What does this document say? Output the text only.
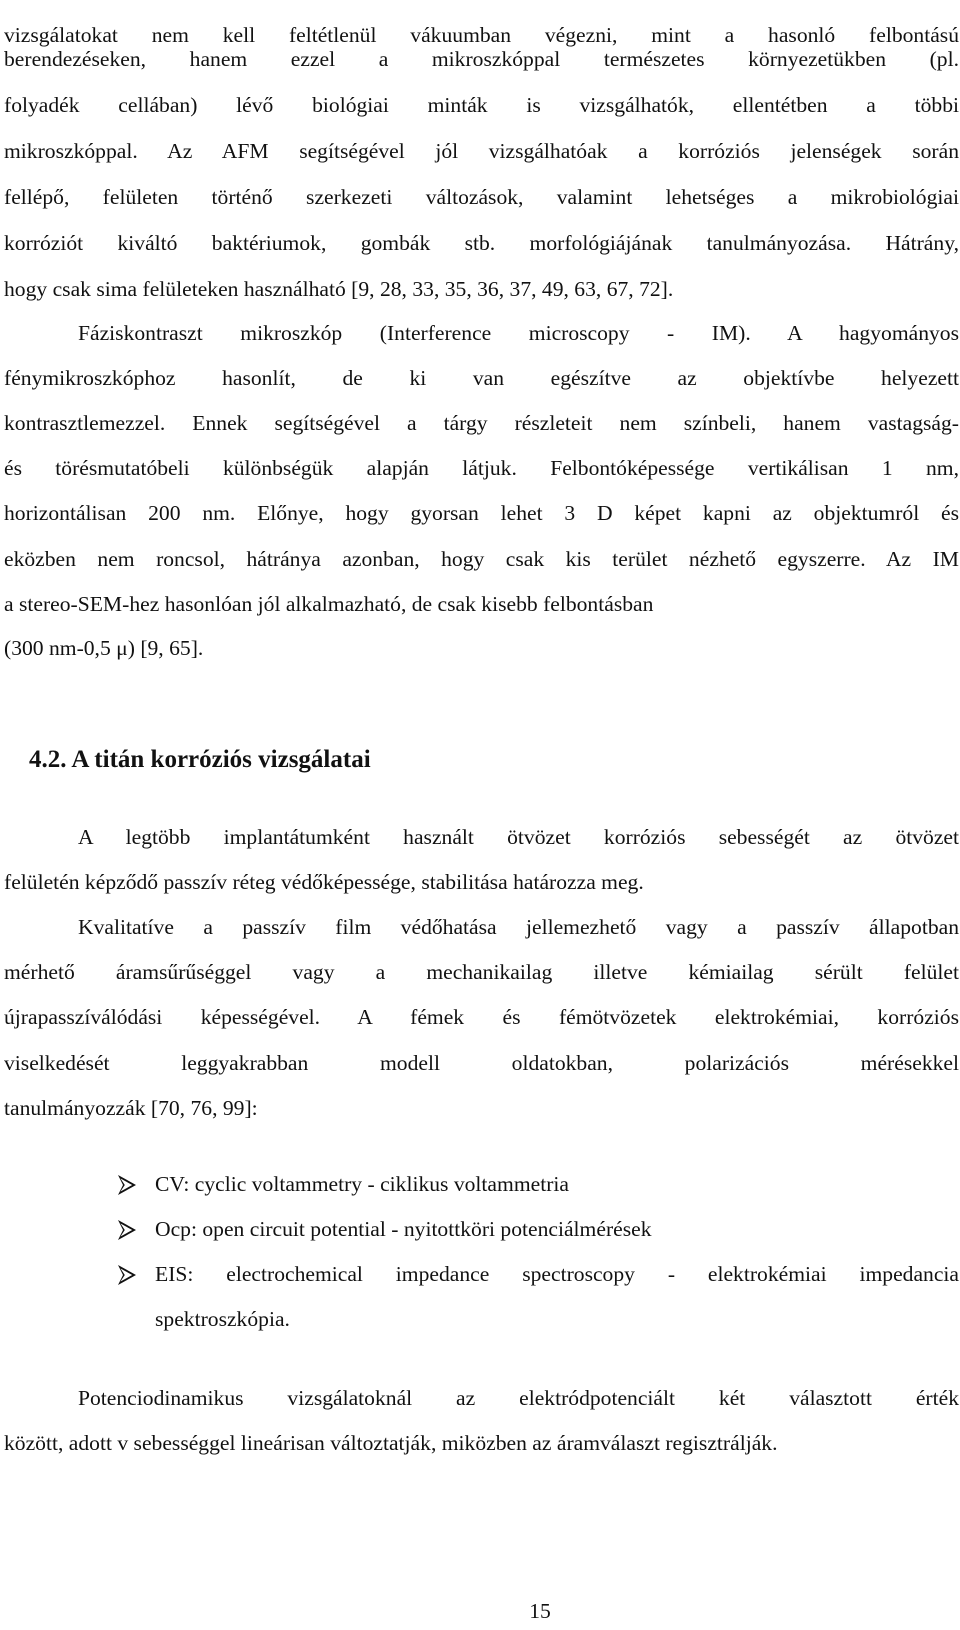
vizsgálatokat nem kell feltétlenül vákuumban végezni, mint a hasonló felbontású
berendezéseken, hanem ezzel a mikroszkóppal természetes környezetükben (pl.
folyadék cellában) lévő biológiai minták is vizsgálhatók, ellentétben a többi
mikroszkóppal. Az AFM segítségével jól vizsgálhatóak a korróziós jelenségek során
fellépő, felületen történő szerkezeti változások, valamint lehetséges a mikrobiológiai
korróziót kiváltó baktériumok, gombák stb. morfológiájának tanulmányozása. Hátrány,
hogy csak sima felületeken használható [9, 28, 33, 35, 36, 37, 49, 63, 67, 72].
Fáziskontraszt mikroszkóp (Interference microscopy - IM). A hagyományos
fénymikroszkóphoz hasonlít, de ki van egészítve az objektívbe helyezett
kontrasztlemezzel. Ennek segítségével a tárgy részleteit nem színbeli, hanem vastagság-
és törésmutatóbeli különbségük alapján látjuk. Felbontóképessége vertikálisan 1 nm,
horizontálisan 200 nm. Előnye, hogy gyorsan lehet 3 D képet kapni az objektumról és
eközben nem roncsol, hátránya azonban, hogy csak kis terület nézhető egyszerre. Az IM
a stereo-SEM-hez hasonlóan jól alkalmazható, de csak kisebb felbontásban
(300 nm-0,5 μ) [9, 65].
4.2. A titán korróziós vizsgálatai
A legtöbb implantátumként használt ötvözet korróziós sebességét az ötvözet
felületén képződő passzív réteg védőképessége, stabilitása határozza meg.
Kvalitatíve a passzív film védőhatása jellemezhető vagy a passzív állapotban
mérhető áramsűrűséggel vagy a mechanikailag illetve kémiailag sérült felület
újrapasszíválódási képességével. A fémek és fémötvözetek elektrokémiai, korróziós
viselkedését leggyakrabban modell oldatokban, polarizációs mérésekkel
tanulmányozzák [70, 76, 99]:
CV: cyclic voltammetry - ciklikus voltammetria
Ocp: open circuit potential - nyitottköri potenciálmérések
EIS: electrochemical impedance spectroscopy - elektrokémiai impedancia
spektroszkópia.
Potenciodinamikus vizsgálatoknál az elektródpotenciált két választott érték
között, adott v sebességgel lineárisan változtatják, miközben az áramválaszt regisztrálják.
15
